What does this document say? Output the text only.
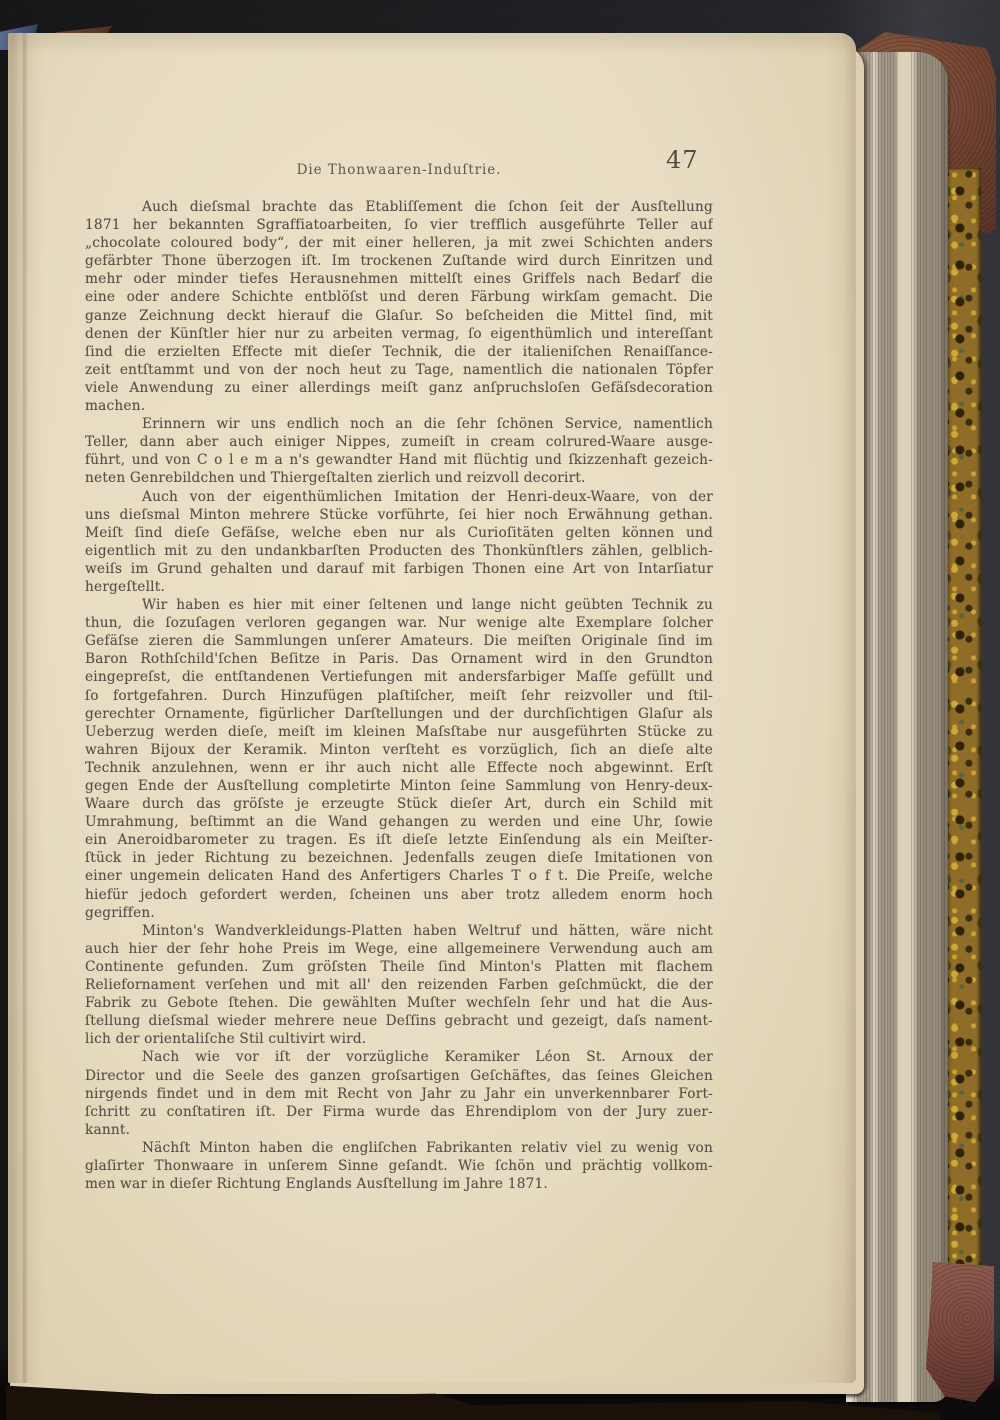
Die Thonwaaren-Induſtrie.	47
Auch dieſsmal brachte das Etabliſſement die ſchon ſeit der Ausſtellung
1871 her bekannten Sgraffiatoarbeiten, ſo vier trefflich ausgeführte Teller auf
„chocolate coloured body“, der mit einer helleren, ja mit zwei Schichten anders
gefärbter Thone überzogen iſt. Im trockenen Zuſtande wird durch Einritzen und
mehr oder minder tiefes Herausnehmen mittelſt eines Griffels nach Bedarf die
eine oder andere Schichte entblöſst und deren Färbung wirkſam gemacht. Die
ganze Zeichnung deckt hierauf die Glaſur. So beſcheiden die Mittel ſind, mit
denen der Künſtler hier nur zu arbeiten vermag, ſo eigenthümlich und intereſſant
ſind die erzielten Effecte mit dieſer Technik, die der italieniſchen Renaiſſance-
zeit entſtammt und von der noch heut zu Tage, namentlich die nationalen Töpfer
viele Anwendung zu einer allerdings meiſt ganz anſpruchsloſen Gefäſsdecoration
machen.
Erinnern wir uns endlich noch an die ſehr ſchönen Service, namentlich
Teller, dann aber auch einiger Nippes, zumeiſt in cream colrured-Waare ausge-
führt, und von C o l e m a n's gewandter Hand mit flüchtig und ſkizzenhaft gezeich-
neten Genrebildchen und Thiergeſtalten zierlich und reizvoll decorirt.
Auch von der eigenthümlichen Imitation der Henri-deux-Waare, von der
uns dieſsmal Minton mehrere Stücke vorführte, ſei hier noch Erwähnung gethan.
Meiſt ſind dieſe Gefäſse, welche eben nur als Curioſitäten gelten können und
eigentlich mit zu den undankbarſten Producten des Thonkünſtlers zählen, gelblich-
weiſs im Grund gehalten und darauf mit farbigen Thonen eine Art von Intarſiatur
hergeſtellt.
Wir haben es hier mit einer ſeltenen und lange nicht geübten Technik zu
thun, die ſozuſagen verloren gegangen war. Nur wenige alte Exemplare ſolcher
Gefäſse zieren die Sammlungen unſerer Amateurs. Die meiſten Originale ſind im
Baron Rothſchild'ſchen Beſitze in Paris. Das Ornament wird in den Grundton
eingepreſst, die entſtandenen Vertiefungen mit andersfarbiger Maſſe gefüllt und
ſo fortgefahren. Durch Hinzufügen plaſtiſcher, meiſt ſehr reizvoller und ſtil-
gerechter Ornamente, figürlicher Darſtellungen und der durchſichtigen Glaſur als
Ueberzug werden dieſe, meiſt im kleinen Maſsſtabe nur ausgeführten Stücke zu
wahren Bijoux der Keramik. Minton verſteht es vorzüglich, ſich an dieſe alte
Technik anzulehnen, wenn er ihr auch nicht alle Effecte noch abgewinnt. Erſt
gegen Ende der Ausſtellung completirte Minton ſeine Sammlung von Henry-deux-
Waare durch das gröſste je erzeugte Stück dieſer Art, durch ein Schild mit
Umrahmung, beſtimmt an die Wand gehangen zu werden und eine Uhr, ſowie
ein Aneroidbarometer zu tragen. Es iſt dieſe letzte Einſendung als ein Meiſter-
ſtück in jeder Richtung zu bezeichnen. Jedenfalls zeugen dieſe Imitationen von
einer ungemein delicaten Hand des Anfertigers Charles T o f t. Die Preiſe, welche
hiefür jedoch gefordert werden, ſcheinen uns aber trotz alledem enorm hoch
gegriffen.
Minton's Wandverkleidungs-Platten haben Weltruf und hätten, wäre nicht
auch hier der ſehr hohe Preis im Wege, eine allgemeinere Verwendung auch am
Continente gefunden. Zum gröſsten Theile ſind Minton's Platten mit flachem
Reliefornament verſehen und mit all' den reizenden Farben geſchmückt, die der
Fabrik zu Gebote ſtehen. Die gewählten Muſter wechſeln ſehr und hat die Aus-
ſtellung dieſsmal wieder mehrere neue Deſſins gebracht und gezeigt, daſs nament-
lich der orientaliſche Stil cultivirt wird.
Nach wie vor iſt der vorzügliche Keramiker Léon St. Arnoux der
Director und die Seele des ganzen groſsartigen Geſchäftes, das ſeines Gleichen
nirgends findet und in dem mit Recht von Jahr zu Jahr ein unverkennbarer Fort-
ſchritt zu conſtatiren iſt. Der Firma wurde das Ehrendiplom von der Jury zuer-
kannt.
Nächſt Minton haben die engliſchen Fabrikanten relativ viel zu wenig von
glaſirter Thonwaare in unſerem Sinne geſandt. Wie ſchön und prächtig vollkom-
men war in dieſer Richtung Englands Ausſtellung im Jahre 1871.
